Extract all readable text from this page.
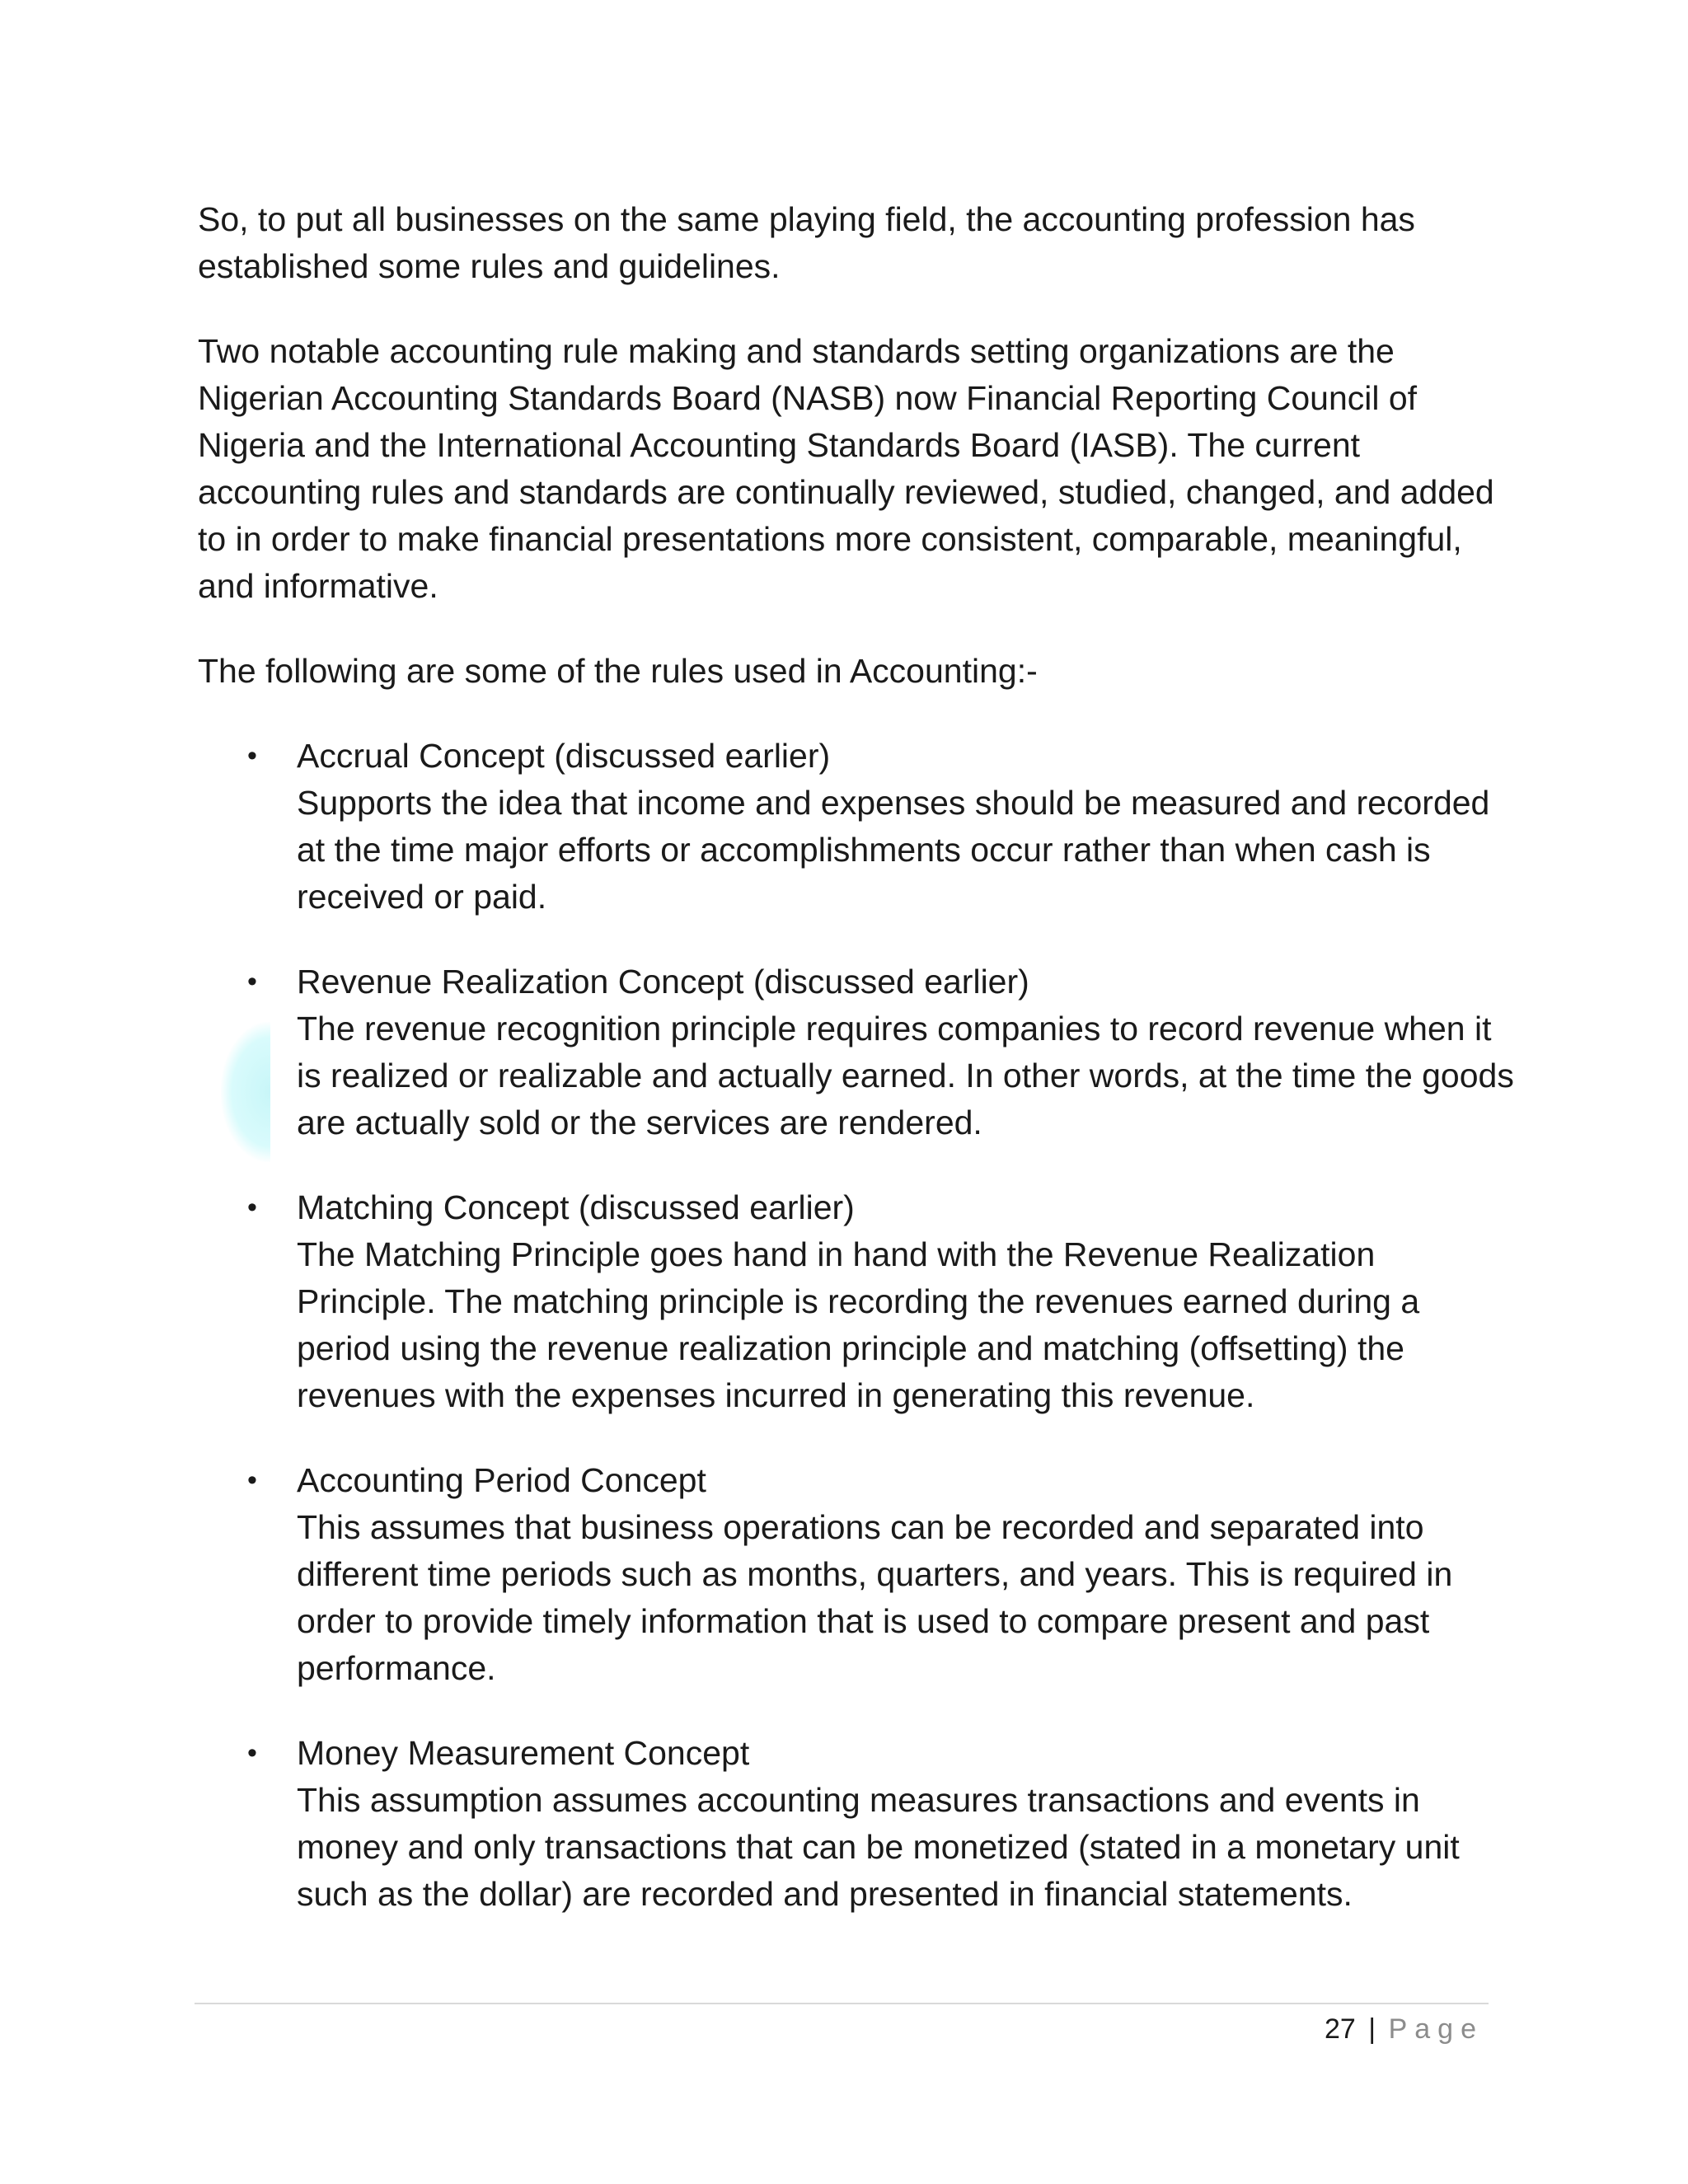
So, to put all businesses on the same playing field, the accounting profession has established some rules and guidelines.

Two notable accounting rule making and standards setting organizations are the Nigerian Accounting Standards Board (NASB) now Financial Reporting Council of Nigeria and the International Accounting Standards Board (IASB). The current accounting rules and standards are continually reviewed, studied, changed, and added to in order to make financial presentations more consistent, comparable, meaningful, and informative.

The following are some of the rules used in Accounting:-

• Accrual Concept (discussed earlier)
Supports the idea that income and expenses should be measured and recorded at the time major efforts or accomplishments occur rather than when cash is received or paid.
• Revenue Realization Concept (discussed earlier)
The revenue recognition principle requires companies to record revenue when it is realized or realizable and actually earned. In other words, at the time the goods are actually sold or the services are rendered.
• Matching Concept (discussed earlier)
The Matching Principle goes hand in hand with the Revenue Realization Principle. The matching principle is recording the revenues earned during a period using the revenue realization principle and matching (offsetting) the revenues with the expenses incurred in generating this revenue.
• Accounting Period Concept
This assumes that business operations can be recorded and separated into different time periods such as months, quarters, and years. This is required in order to provide timely information that is used to compare present and past performance.
• Money Measurement Concept
This assumption assumes accounting measures transactions and events in money and only transactions that can be monetized (stated in a monetary unit such as the dollar) are recorded and presented in financial statements.
27 | Page
